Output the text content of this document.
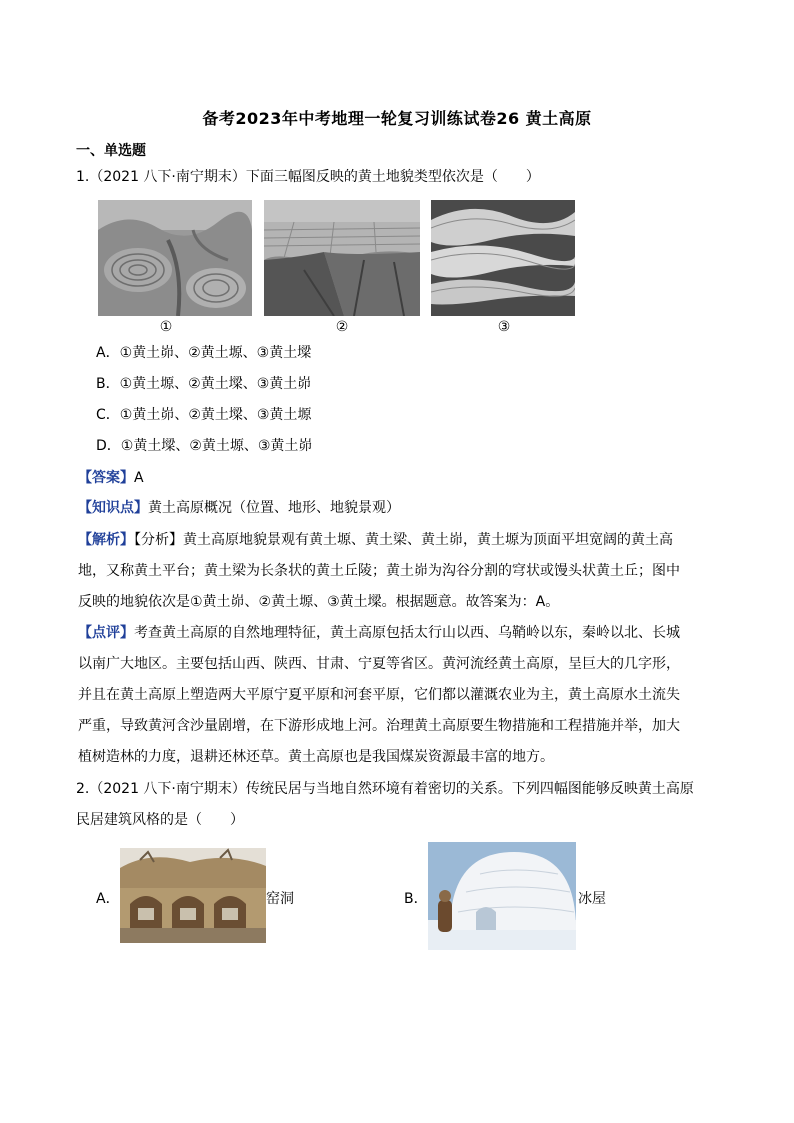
备考2023年中考地理一轮复习训练试卷26 黄土高原
一、单选题
1.（2021 八下·南宁期末）下面三幅图反映的黄土地貌类型依次是（　　）
①	②	③
A．①黄土峁、②黄土塬、③黄土墚
B．①黄土塬、②黄土墚、③黄土峁
C．①黄土峁、②黄土墚、③黄土塬
D．①黄土墚、②黄土塬、③黄土峁
【答案】A
【知识点】黄土高原概况（位置、地形、地貌景观）
【解析】【分析】黄土高原地貌景观有黄土塬、黄土梁、黄土峁，黄土塬为顶面平坦宽阔的黄土高
地，又称黄土平台；黄土梁为长条状的黄土丘陵；黄土峁为沟谷分割的穹状或馒头状黄土丘；图中
反映的地貌依次是①黄土峁、②黄土塬、③黄土墚。根据题意。故答案为：A。
【点评】考查黄土高原的自然地理特征，黄土高原包括太行山以西、乌鞘岭以东，秦岭以北、长城
以南广大地区。主要包括山西、陕西、甘肃、宁夏等省区。黄河流经黄土高原，呈巨大的几字形，
并且在黄土高原上塑造两大平原宁夏平原和河套平原，它们都以灌溉农业为主，黄土高原水土流失
严重，导致黄河含沙量剧增，在下游形成地上河。治理黄土高原要生物措施和工程措施并举，加大
植树造林的力度，退耕还林还草。黄土高原也是我国煤炭资源最丰富的地方。
2.（2021 八下·南宁期末）传统民居与当地自然环境有着密切的关系。下列四幅图能够反映黄土高原
民居建筑风格的是（　　）
A．	窑洞	B．	冰屋
